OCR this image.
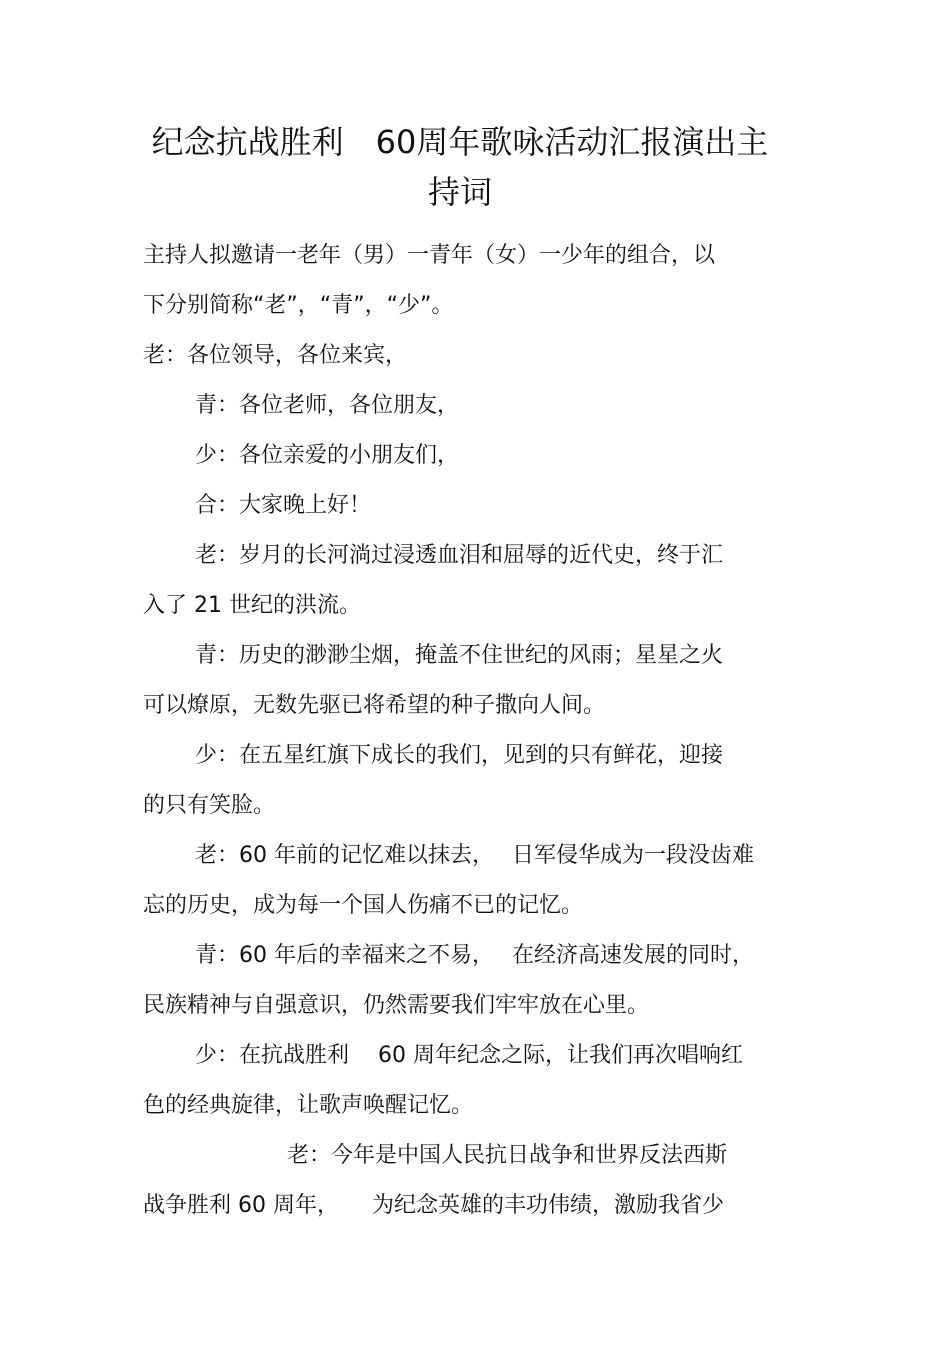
纪念抗战胜利　60周年歌咏活动汇报演出主
持词
主持人拟邀请一老年（男）一青年（女）一少年的组合，以
下分别简称“老”，“青”，“少”。
老：各位领导，各位来宾，
青：各位老师，各位朋友，
少：各位亲爱的小朋友们，
合：大家晚上好！
老：岁月的长河淌过浸透血泪和屈辱的近代史，终于汇
入了 21 世纪的洪流。
青：历史的渺渺尘烟，掩盖不住世纪的风雨；星星之火
可以燎原，无数先驱已将希望的种子撒向人间。
少：在五星红旗下成长的我们，见到的只有鲜花，迎接
的只有笑脸。
老：60 年前的记忆难以抹去，　 日军侵华成为一段没齿难
忘的历史，成为每一个国人伤痛不已的记忆。
青：60 年后的幸福来之不易，　 在经济高速发展的同时，
民族精神与自强意识，仍然需要我们牢牢放在心里。
少：在抗战胜利　 60 周年纪念之际，让我们再次唱响红
色的经典旋律，让歌声唤醒记忆。
老：今年是中国人民抗日战争和世界反法西斯
战争胜利 60 周年，　　为纪念英雄的丰功伟绩，激励我省少
